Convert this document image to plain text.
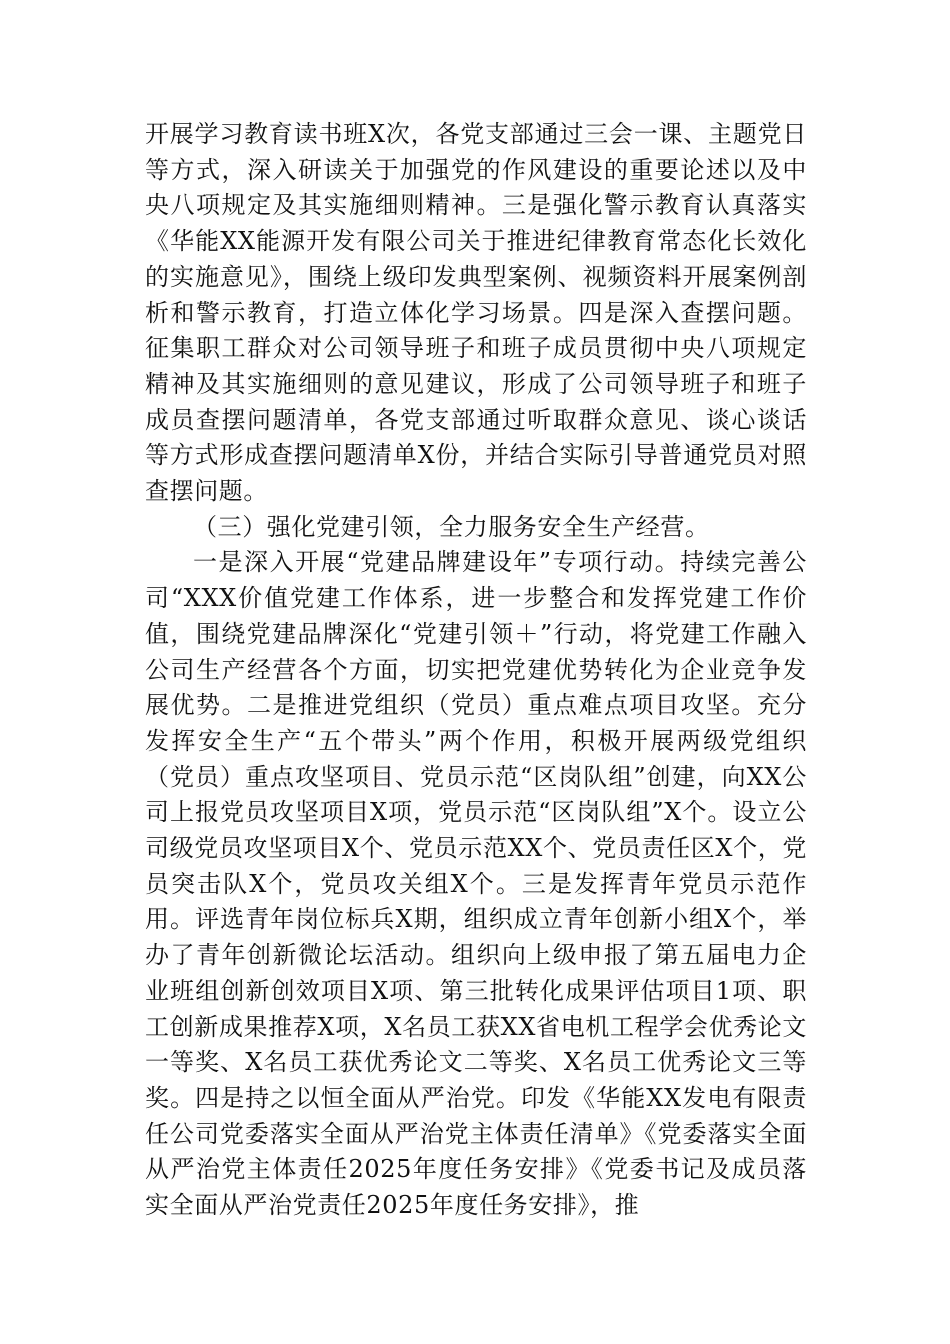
开展学习教育读书班X次，各党支部通过三会一课、主题党日等方式，深入研读关于加强党的作风建设的重要论述以及中央八项规定及其实施细则精神。三是强化警示教育认真落实《华能XX能源开发有限公司关于推进纪律教育常态化长效化的实施意见》，围绕上级印发典型案例、视频资料开展案例剖析和警示教育，打造立体化学习场景。四是深入查摆问题。征集职工群众对公司领导班子和班子成员贯彻中央八项规定精神及其实施细则的意见建议，形成了公司领导班子和班子成员查摆问题清单，各党支部通过听取群众意见、谈心谈话等方式形成查摆问题清单X份，并结合实际引导普通党员对照查摆问题。

（三）强化党建引领，全力服务安全生产经营。

一是深入开展“党建品牌建设年”专项行动。持续完善公司“XXX价值党建工作体系，进一步整合和发挥党建工作价值，围绕党建品牌深化“党建引领＋”行动，将党建工作融入公司生产经营各个方面，切实把党建优势转化为企业竞争发展优势。二是推进党组织（党员）重点难点项目攻坚。充分发挥安全生产“五个带头”两个作用，积极开展两级党组织（党员）重点攻坚项目、党员示范“区岗队组”创建，向XX公司上报党员攻坚项目X项，党员示范“区岗队组”X个。设立公司级党员攻坚项目X个、党员示范XX个、党员责任区X个，党员突击队X个，党员攻关组X个。三是发挥青年党员示范作用。评选青年岗位标兵X期，组织成立青年创新小组X个，举办了青年创新微论坛活动。组织向上级申报了第五届电力企业班组创新创效项目X项、第三批转化成果评估项目1项、职工创新成果推荐X项，X名员工获XX省电机工程学会优秀论文一等奖、X名员工获优秀论文二等奖、X名员工优秀论文三等奖。四是持之以恒全面从严治党。印发《华能XX发电有限责任公司党委落实全面从严治党主体责任清单》《党委落实全面从严治党主体责任2025年度任务安排》《党委书记及成员落实全面从严治党责任2025年度任务安排》，推
